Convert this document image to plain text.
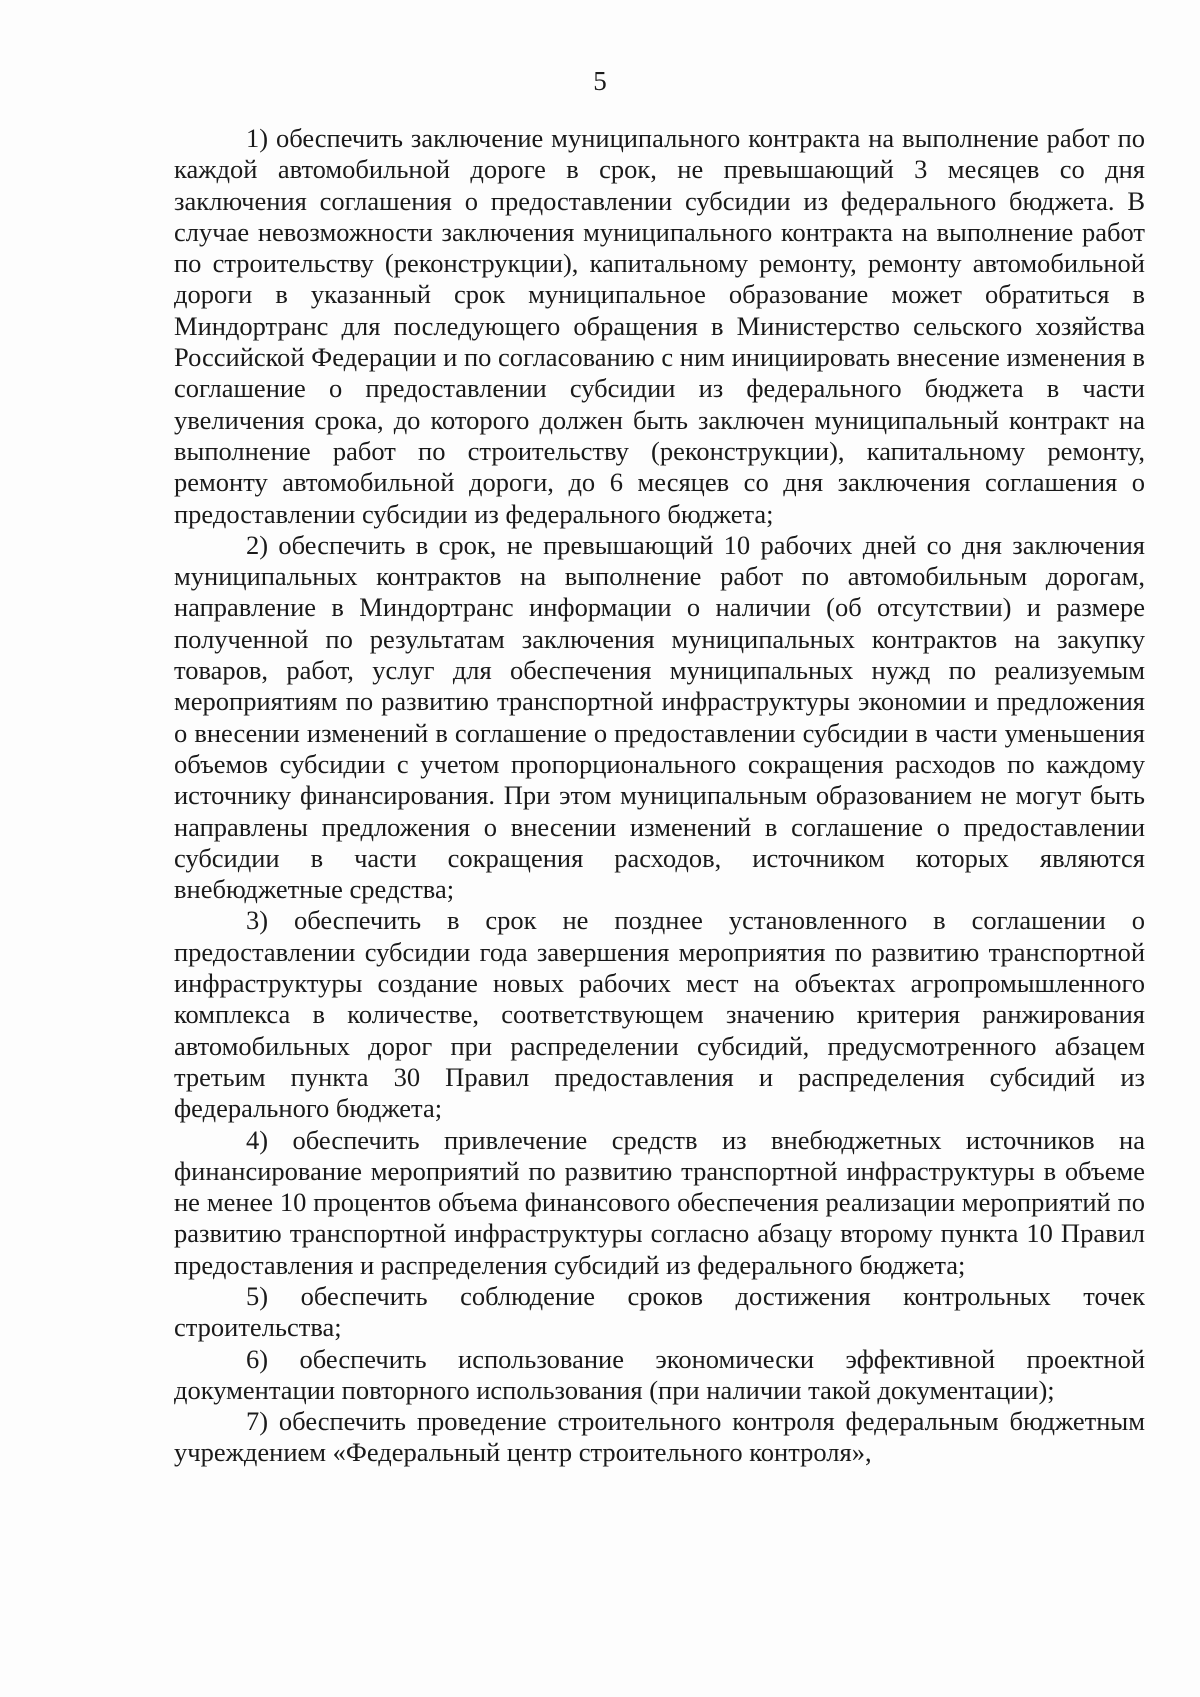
5

1) обеспечить заключение муниципального контракта на выполнение работ по каждой автомобильной дороге в срок, не превышающий 3 месяцев со дня заключения соглашения о предоставлении субсидии из федерального бюджета. В случае невозможности заключения муниципального контракта на выполнение работ по строительству (реконструкции), капитальному ремонту, ремонту автомобильной дороги в указанный срок муниципальное образование может обратиться в Миндортранс для последующего обращения в Министерство сельского хозяйства Российской Федерации и по согласованию с ним инициировать внесение изменения в соглашение о предоставлении субсидии из федерального бюджета в части увеличения срока, до которого должен быть заключен муниципальный контракт на выполнение работ по строительству (реконструкции), капитальному ремонту, ремонту автомобильной дороги, до 6 месяцев со дня заключения соглашения о предоставлении субсидии из федерального бюджета;

2) обеспечить в срок, не превышающий 10 рабочих дней со дня заключения муниципальных контрактов на выполнение работ по автомобильным дорогам, направление в Миндортранс информации о наличии (об отсутствии) и размере полученной по результатам заключения муниципальных контрактов на закупку товаров, работ, услуг для обеспечения муниципальных нужд по реализуемым мероприятиям по развитию транспортной инфраструктуры экономии и предложения о внесении изменений в соглашение о предоставлении субсидии в части уменьшения объемов субсидии с учетом пропорционального сокращения расходов по каждому источнику финансирования. При этом муниципальным образованием не могут быть направлены предложения о внесении изменений в соглашение о предоставлении субсидии в части сокращения расходов, источником которых являются внебюджетные средства;

3) обеспечить в срок не позднее установленного в соглашении о предоставлении субсидии года завершения мероприятия по развитию транспортной инфраструктуры создание новых рабочих мест на объектах агропромышленного комплекса в количестве, соответствующем значению критерия ранжирования автомобильных дорог при распределении субсидий, предусмотренного абзацем третьим пункта 30 Правил предоставления и распределения субсидий из федерального бюджета;

4) обеспечить привлечение средств из внебюджетных источников на финансирование мероприятий по развитию транспортной инфраструктуры в объеме не менее 10 процентов объема финансового обеспечения реализации мероприятий по развитию транспортной инфраструктуры согласно абзацу второму пункта 10 Правил предоставления и распределения субсидий из федерального бюджета;

5) обеспечить соблюдение сроков достижения контрольных точек строительства;

6) обеспечить использование экономически эффективной проектной документации повторного использования (при наличии такой документации);

7) обеспечить проведение строительного контроля федеральным бюджетным учреждением «Федеральный центр строительного контроля»,
